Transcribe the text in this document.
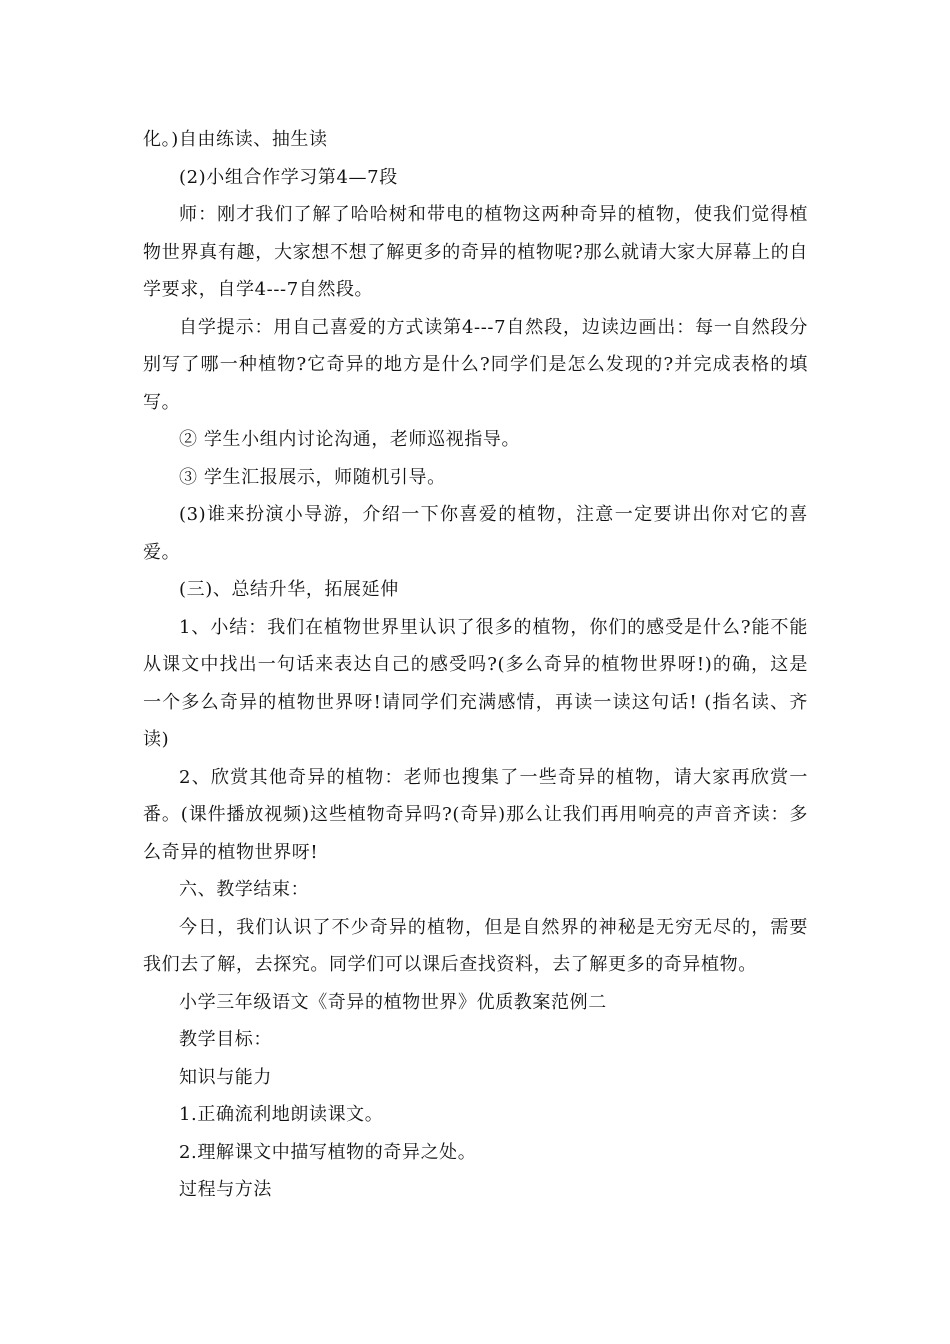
化。)自由练读、抽生读

(2)小组合作学习第4—7段

师：刚才我们了解了哈哈树和带电的植物这两种奇异的植物，使我们觉得植物世界真有趣，大家想不想了解更多的奇异的植物呢?那么就请大家大屏幕上的自学要求，自学4---7自然段。

自学提示：用自己喜爱的方式读第4---7自然段，边读边画出：每一自然段分别写了哪一种植物?它奇异的地方是什么?同学们是怎么发现的?并完成表格的填写。

② 学生小组内讨论沟通，老师巡视指导。

③ 学生汇报展示，师随机引导。

(3)谁来扮演小导游，介绍一下你喜爱的植物，注意一定要讲出你对它的喜爱。

(三)、总结升华，拓展延伸

1、小结：我们在植物世界里认识了很多的植物，你们的感受是什么?能不能从课文中找出一句话来表达自己的感受吗?(多么奇异的植物世界呀!)的确，这是一个多么奇异的植物世界呀!请同学们充满感情，再读一读这句话! (指名读、齐读)

2、欣赏其他奇异的植物：老师也搜集了一些奇异的植物，请大家再欣赏一番。(课件播放视频)这些植物奇异吗?(奇异)那么让我们再用响亮的声音齐读：多么奇异的植物世界呀!

六、教学结束：

今日，我们认识了不少奇异的植物，但是自然界的神秘是无穷无尽的，需要我们去了解，去探究。同学们可以课后查找资料，去了解更多的奇异植物。

小学三年级语文《奇异的植物世界》优质教案范例二

教学目标：

知识与能力

1.正确流利地朗读课文。

2.理解课文中描写植物的奇异之处。

过程与方法
